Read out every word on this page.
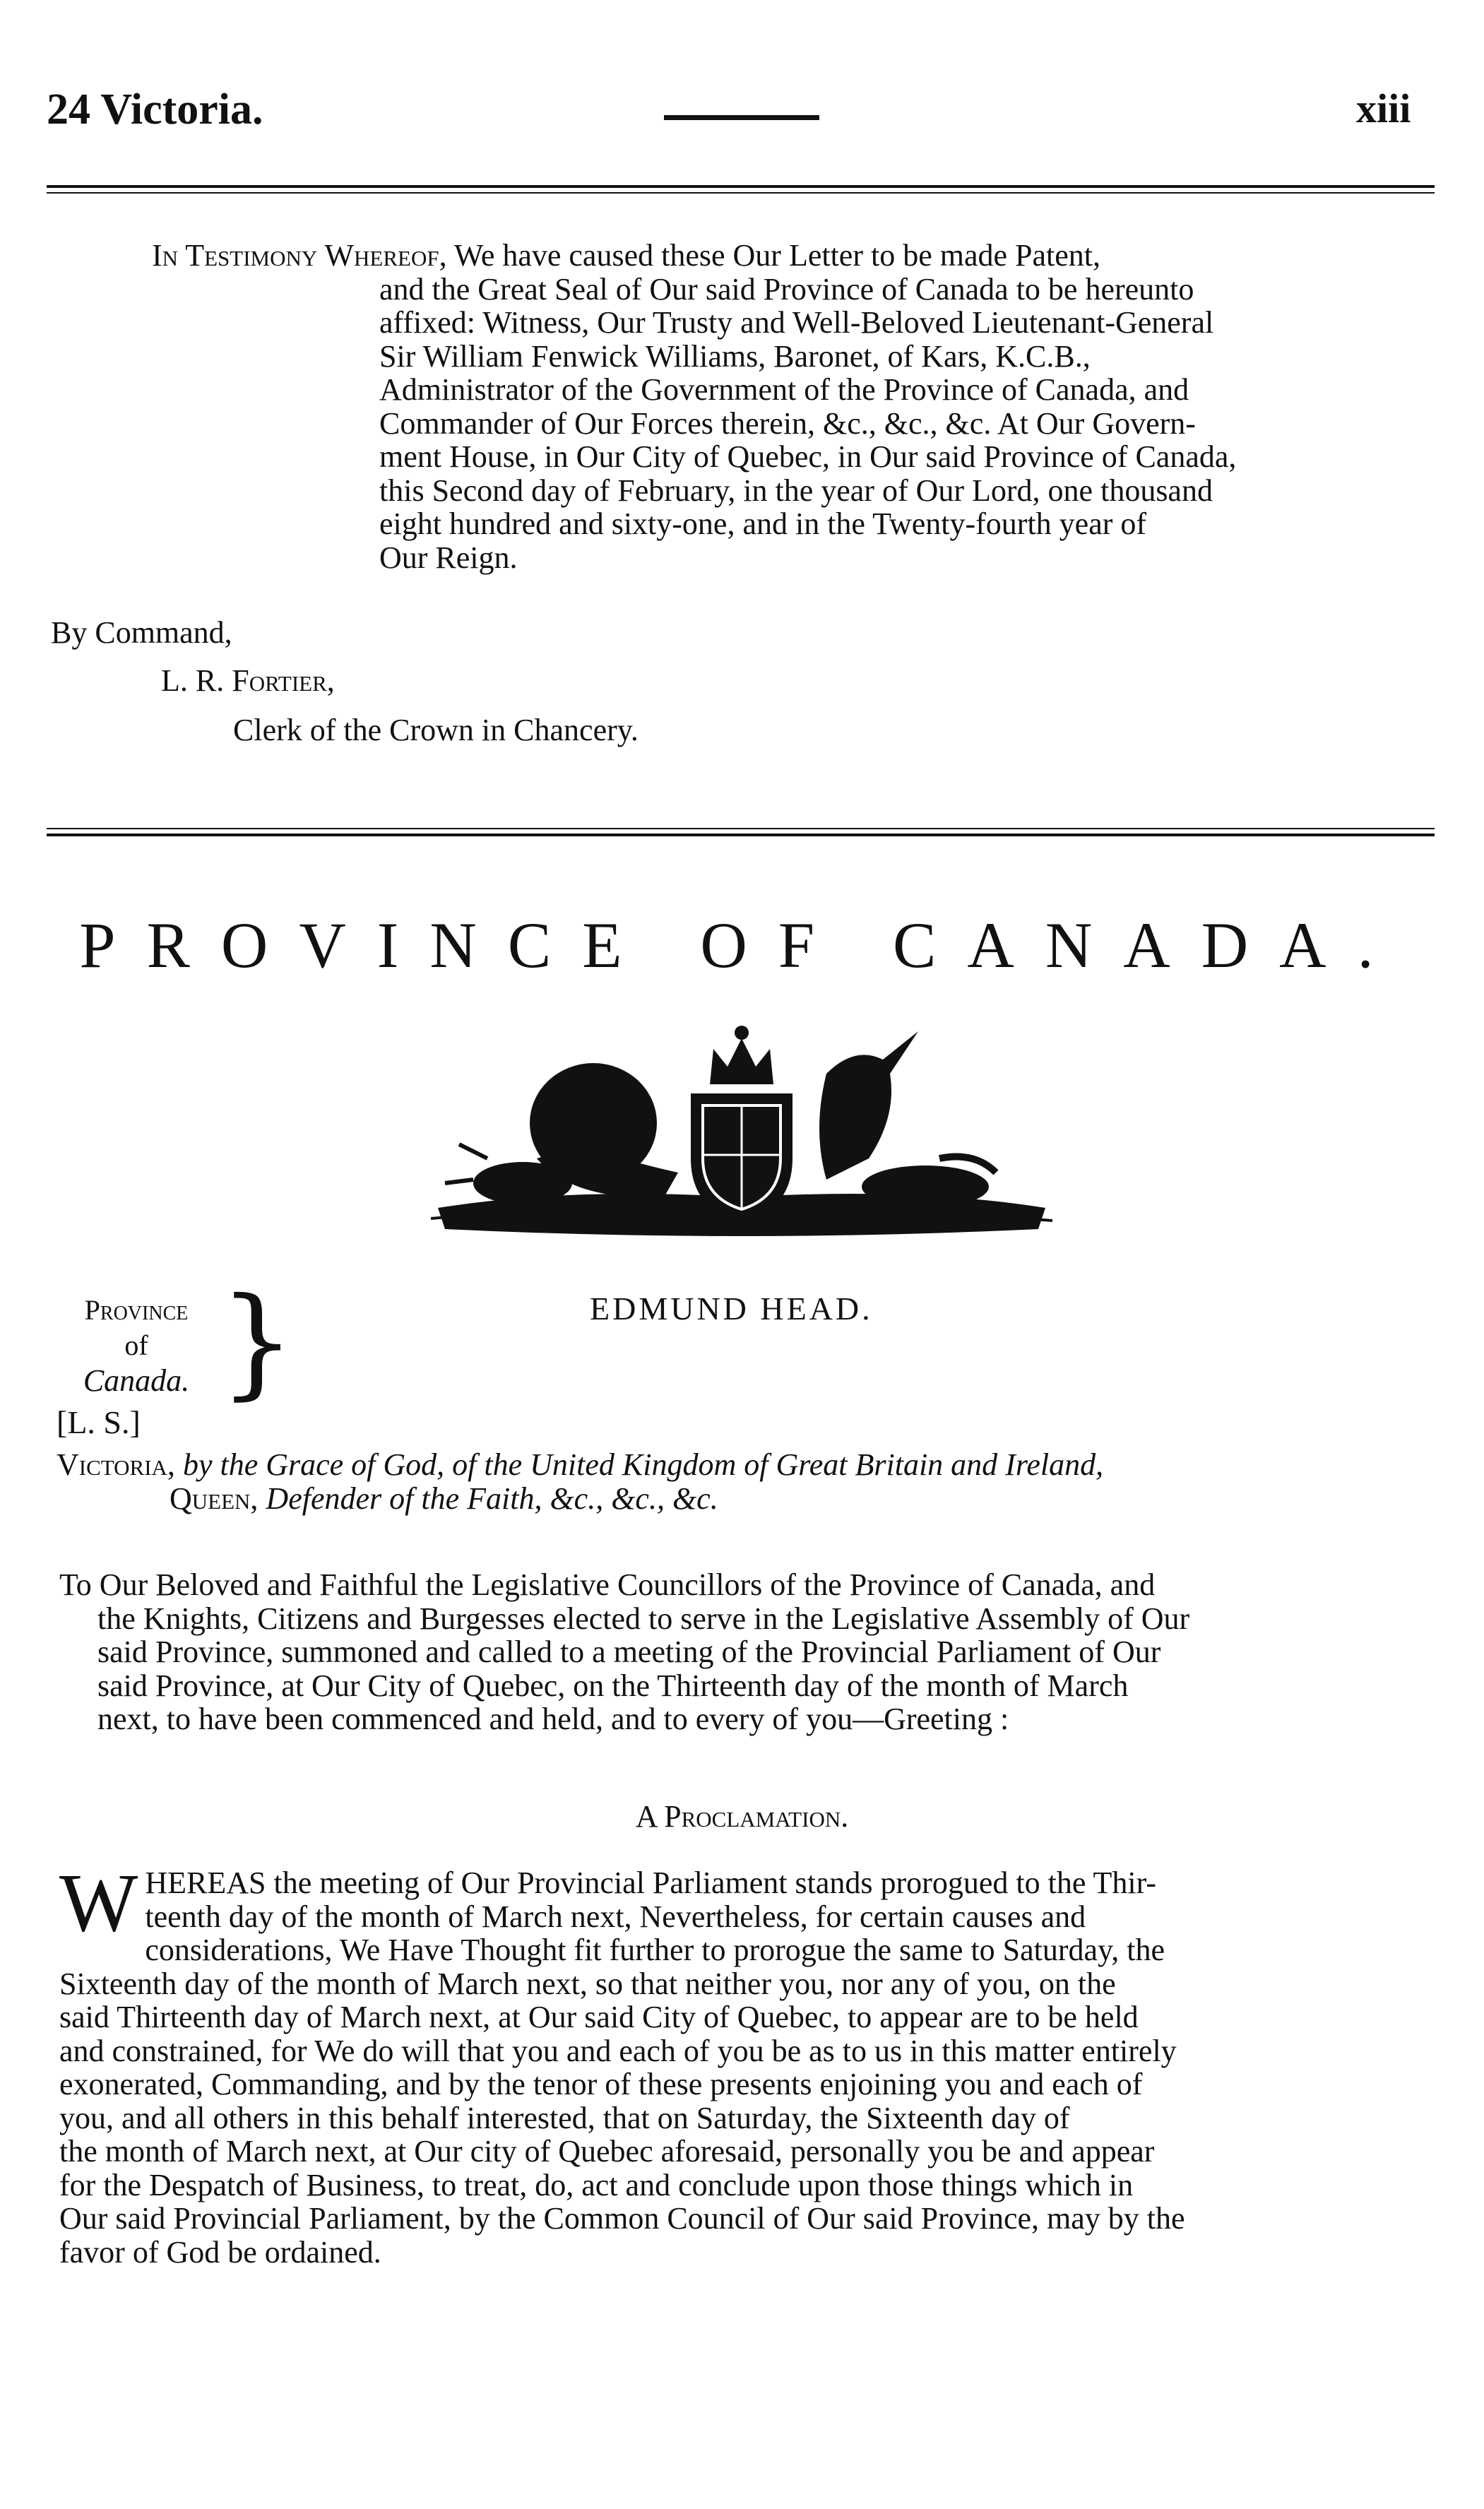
24 Victoria.	xiii
In Testimony Whereof, We have caused these Our Letter to be made Patent,
and the Great Seal of Our said Province of Canada to be hereunto
affixed: Witness, Our Trusty and Well-Beloved Lieutenant-General
Sir William Fenwick Williams, Baronet, of Kars, K.C.B.,
Administrator of the Government of the Province of Canada, and
Commander of Our Forces therein, &c., &c., &c. At Our Govern-
ment House, in Our City of Quebec, in Our said Province of Canada,
this Second day of February, in the year of Our Lord, one thousand
eight hundred and sixty-one, and in the Twenty-fourth year of
Our Reign.
By Command,
L. R. Fortier,
Clerk of the Crown in Chancery.
PROVINCE OF CANADA.
Province
of
Canada. }
[L. S.]
EDMUND HEAD.
Victoria, by the Grace of God, of the United Kingdom of Great Britain and Ireland,
Queen, Defender of the Faith, &c., &c., &c.
To Our Beloved and Faithful the Legislative Councillors of the Province of Canada, and
the Knights, Citizens and Burgesses elected to serve in the Legislative Assembly of Our
said Province, summoned and called to a meeting of the Provincial Parliament of Our
said Province, at Our City of Quebec, on the Thirteenth day of the month of March
next, to have been commenced and held, and to every of you—Greeting :
A Proclamation.
W HEREAS the meeting of Our Provincial Parliament stands prorogued to the Thir-
teenth day of the month of March next, Nevertheless, for certain causes and
considerations, We Have Thought fit further to prorogue the same to Saturday, the
Sixteenth day of the month of March next, so that neither you, nor any of you, on the
said Thirteenth day of March next, at Our said City of Quebec, to appear are to be held
and constrained, for We do will that you and each of you be as to us in this matter entirely
exonerated, Commanding, and by the tenor of these presents enjoining you and each of
you, and all others in this behalf interested, that on Saturday, the Sixteenth day of
the month of March next, at Our city of Quebec aforesaid, personally you be and appear
for the Despatch of Business, to treat, do, act and conclude upon those things which in
Our said Provincial Parliament, by the Common Council of Our said Province, may by the
favor of God be ordained.
